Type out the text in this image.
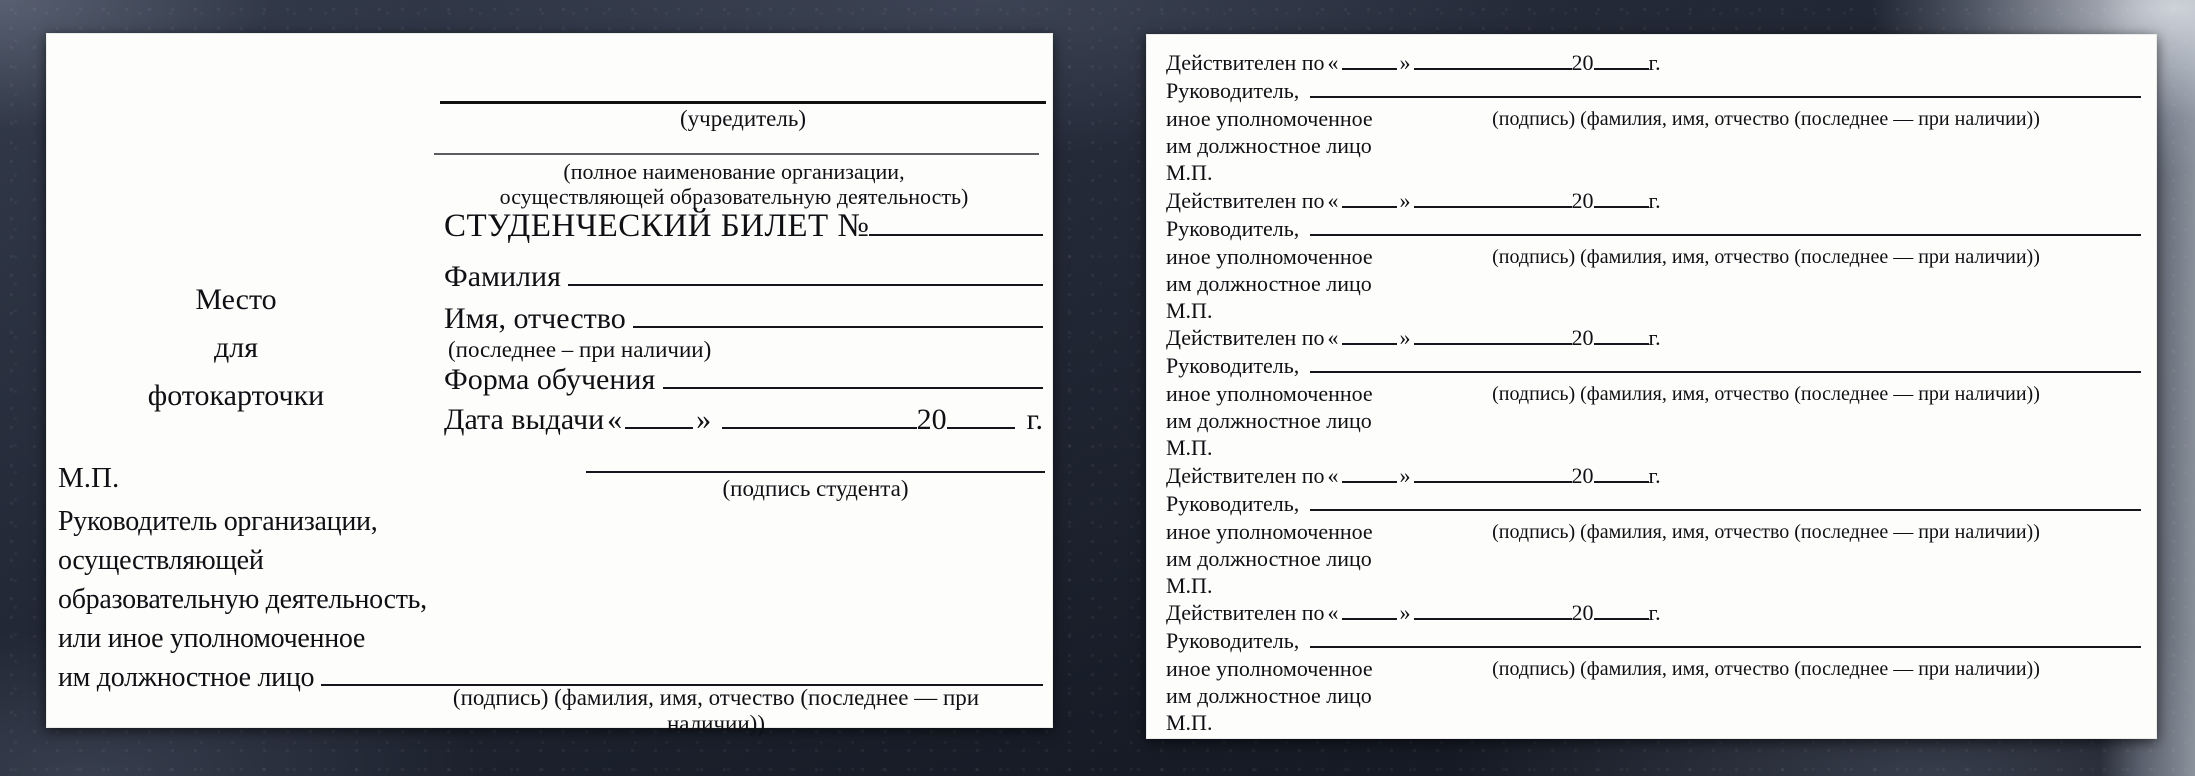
(учредитель)
(полное наименование организации,
осуществляющей образовательную деятельность)
СТУДЕНЧЕСКИЙ БИЛЕТ №
Фамилия

Имя, отчество

(последнее – при наличии)
Форма обучения

Дата выдачи « »	20	г.
Место
для
фотокарточки
(подпись студента)
М.П.
Руководитель организации,
осуществляющей
образовательную деятельность,
или иное уполномоченное
им должностное лицо

(подпись) (фамилия, имя, отчество (последнее — при наличии))
Действителен по «	»	20	г.
Руководитель,

иное уполномоченное
им должностное лицо
М.П.
(подпись) (фамилия, имя, отчество (последнее — при наличии))
Действителен по «	»	20	г.
Руководитель,

иное уполномоченное
им должностное лицо
М.П.
(подпись) (фамилия, имя, отчество (последнее — при наличии))
Действителен по «	»	20	г.
Руководитель,

иное уполномоченное
им должностное лицо
М.П.
(подпись) (фамилия, имя, отчество (последнее — при наличии))
Действителен по «	»	20	г.
Руководитель,

иное уполномоченное
им должностное лицо
М.П.
(подпись) (фамилия, имя, отчество (последнее — при наличии))
Действителен по «	»	20	г.
Руководитель,

иное уполномоченное
им должностное лицо
М.П.
(подпись) (фамилия, имя, отчество (последнее — при наличии))
